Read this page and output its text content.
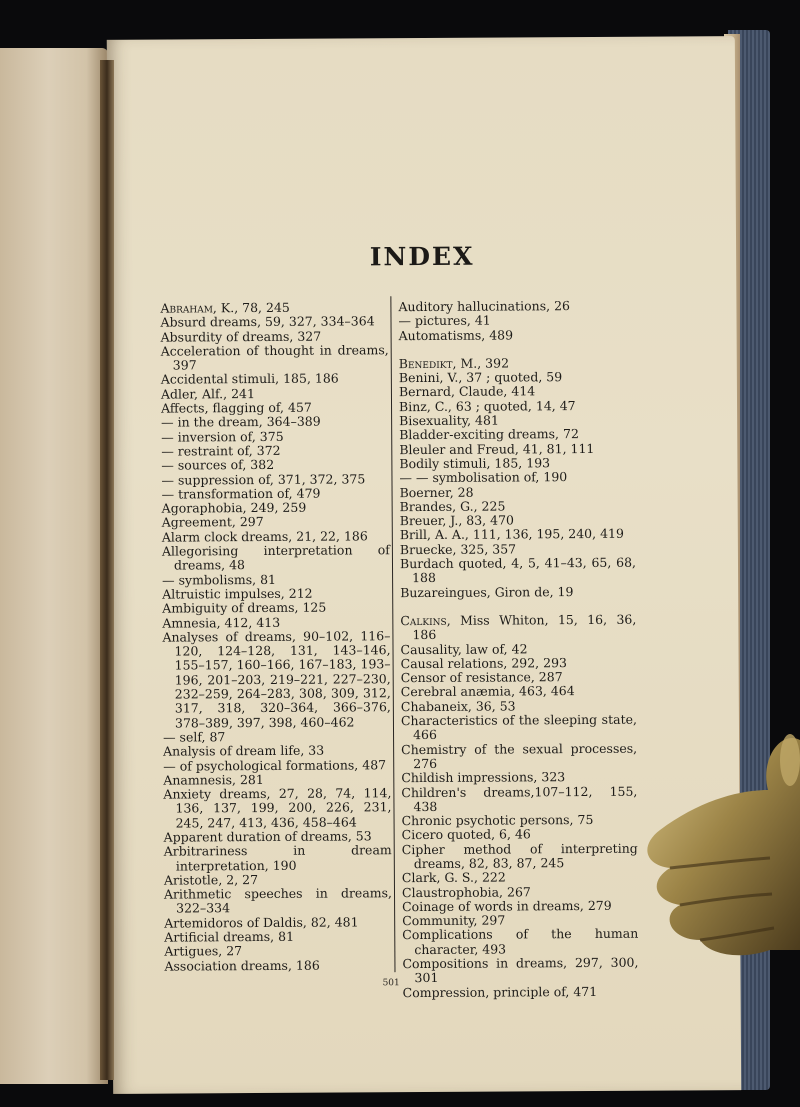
INDEX
Abraham, K., 78, 245
Absurd dreams, 59, 327, 334–364
Absurdity of dreams, 327
Acceleration of thought in dreams, 397
Accidental stimuli, 185, 186
Adler, Alf., 241
Affects, flagging of, 457
— in the dream, 364–389
— inversion of, 375
— restraint of, 372
— sources of, 382
— suppression of, 371, 372, 375
— transformation of, 479
Agoraphobia, 249, 259
Agreement, 297
Alarm clock dreams, 21, 22, 186
Allegorising interpretation of dreams, 48
— symbolisms, 81
Altruistic impulses, 212
Ambiguity of dreams, 125
Amnesia, 412, 413
Analyses of dreams, 90–102, 116–120, 124–128, 131, 143–146, 155–157, 160–166, 167–183, 193–196, 201–203, 219–221, 227–230, 232–259, 264–283, 308, 309, 312, 317, 318, 320–364, 366–376, 378–389, 397, 398, 460–462
— self, 87
Analysis of dream life, 33
— of psychological formations, 487
Anamnesis, 281
Anxiety dreams, 27, 28, 74, 114, 136, 137, 199, 200, 226, 231, 245, 247, 413, 436, 458–464
Apparent duration of dreams, 53
Arbitrariness in dream interpretation, 190
Aristotle, 2, 27
Arithmetic speeches in dreams, 322–334
Artemidoros of Daldis, 82, 481
Artificial dreams, 81
Artigues, 27
Association dreams, 186
Auditory hallucinations, 26
— pictures, 41
Automatisms, 489
Benedikt, M., 392
Benini, V., 37 ; quoted, 59
Bernard, Claude, 414
Binz, C., 63 ; quoted, 14, 47
Bisexuality, 481
Bladder-exciting dreams, 72
Bleuler and Freud, 41, 81, 111
Bodily stimuli, 185, 193
— — symbolisation of, 190
Boerner, 28
Brandes, G., 225
Breuer, J., 83, 470
Brill, A. A., 111, 136, 195, 240, 419
Bruecke, 325, 357
Burdach quoted, 4, 5, 41–43, 65, 68, 188
Buzareingues, Giron de, 19
Calkins, Miss Whiton, 15, 16, 36, 186
Causality, law of, 42
Causal relations, 292, 293
Censor of resistance, 287
Cerebral anæmia, 463, 464
Chabaneix, 36, 53
Characteristics of the sleeping state, 466
Chemistry of the sexual processes, 276
Childish impressions, 323
Children's dreams,107–112, 155, 438
Chronic psychotic persons, 75
Cicero quoted, 6, 46
Cipher method of interpreting dreams, 82, 83, 87, 245
Clark, G. S., 222
Claustrophobia, 267
Coinage of words in dreams, 279
Community, 297
Complications of the human character, 493
Compositions in dreams, 297, 300, 301
Compression, principle of, 471
501
